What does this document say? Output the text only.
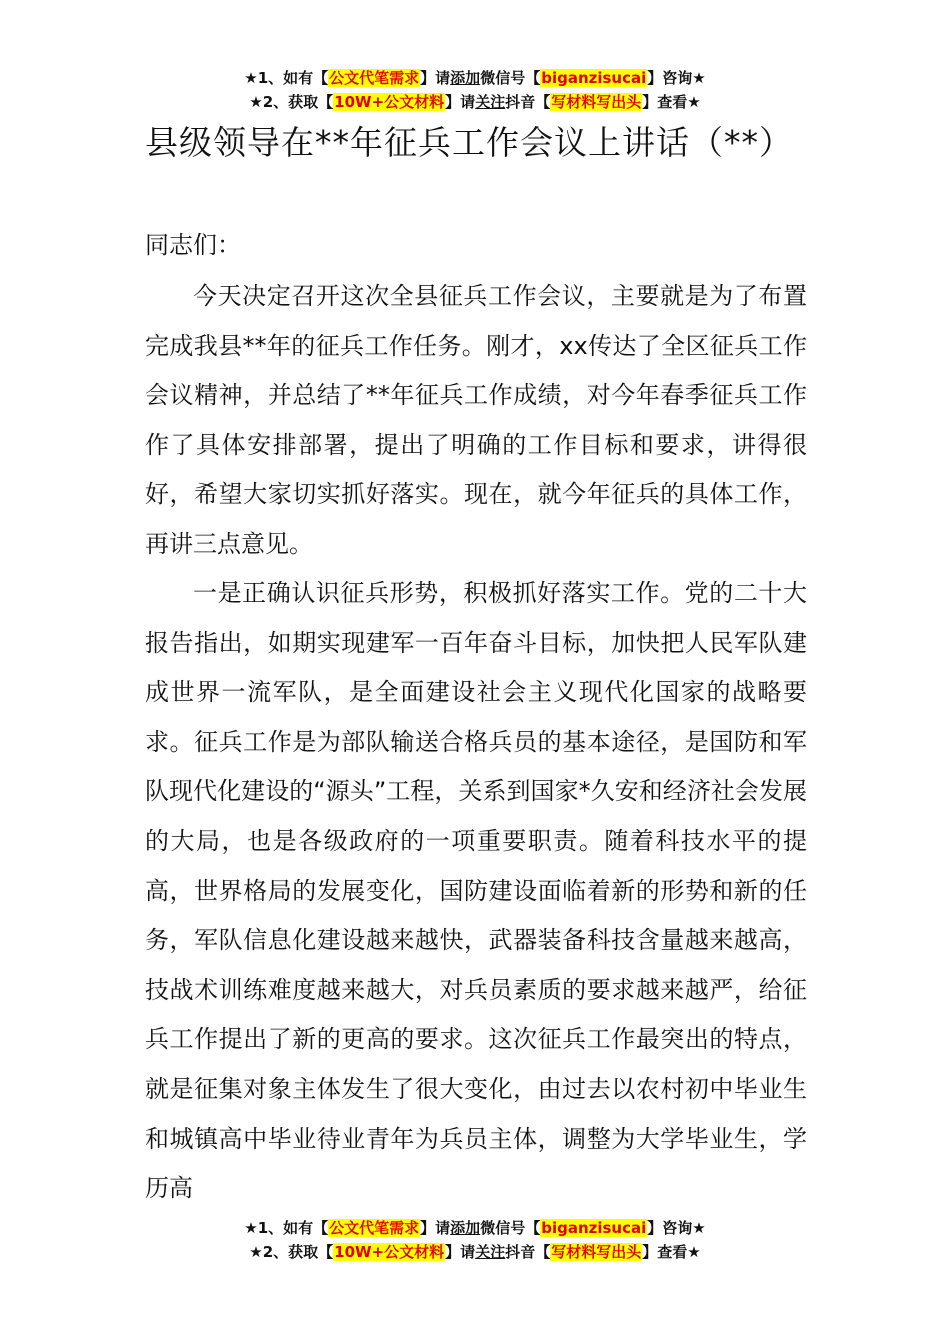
★1、如有【公文代笔需求】请添加微信号【biganzisucai】咨询★
★2、获取【10W+公文材料】请关注抖音【写材料写出头】查看★
县级领导在**年征兵工作会议上讲话（**）
同志们：

今天决定召开这次全县征兵工作会议，主要就是为了布置完成我县**年的征兵工作任务。刚才，xx传达了全区征兵工作会议精神，并总结了**年征兵工作成绩，对今年春季征兵工作作了具体安排部署，提出了明确的工作目标和要求，讲得很好，希望大家切实抓好落实。现在，就今年征兵的具体工作，再讲三点意见。

一是正确认识征兵形势，积极抓好落实工作。党的二十大报告指出，如期实现建军一百年奋斗目标，加快把人民军队建成世界一流军队，是全面建设社会主义现代化国家的战略要求。征兵工作是为部队输送合格兵员的基本途径，是国防和军队现代化建设的“源头”工程，关系到国家*久安和经济社会发展的大局，也是各级政府的一项重要职责。随着科技水平的提高，世界格局的发展变化，国防建设面临着新的形势和新的任务，军队信息化建设越来越快，武器装备科技含量越来越高，技战术训练难度越来越大，对兵员素质的要求越来越严，给征兵工作提出了新的更高的要求。这次征兵工作最突出的特点，就是征集对象主体发生了很大变化，由过去以农村初中毕业生和城镇高中毕业待业青年为兵员主体，调整为大学毕业生，学历高

★1、如有【公文代笔需求】请添加微信号【biganzisucai】咨询★
★2、获取【10W+公文材料】请关注抖音【写材料写出头】查看★
